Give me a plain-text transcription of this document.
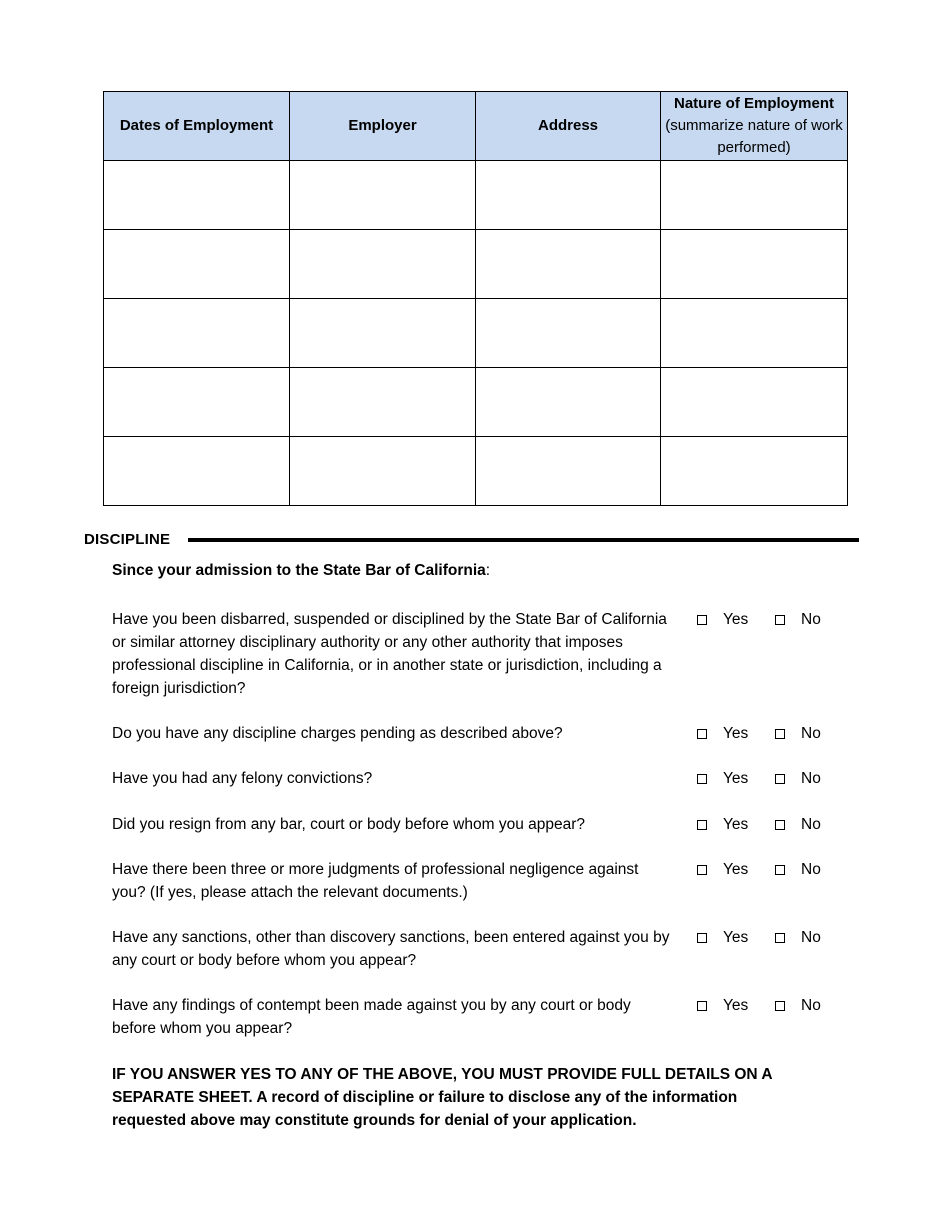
Dates of Employment	Employer	Address	Nature of Employment
(summarize nature of work performed)

DISCIPLINE
Since your admission to the State Bar of California:
Have you been disbarred, suspended or disciplined by the State Bar of California or similar attorney disciplinary authority or any other authority that imposes professional discipline in California, or in another state or jurisdiction, including a foreign jurisdiction?
Yes	No
Do you have any discipline charges pending as described above?	Yes	No
Have you had any felony convictions?	Yes	No
Did you resign from any bar, court or body before whom you appear?	Yes	No
Have there been three or more judgments of professional negligence against you? (If yes, please attach the relevant documents.)
Yes	No
Have any sanctions, other than discovery sanctions, been entered against you by any court or body before whom you appear?
Yes	No
Have any findings of contempt been made against you by any court or body before whom you appear?
Yes	No
IF YOU ANSWER YES TO ANY OF THE ABOVE, YOU MUST PROVIDE FULL DETAILS ON A SEPARATE SHEET. A record of discipline or failure to disclose any of the information requested above may constitute grounds for denial of your application.
